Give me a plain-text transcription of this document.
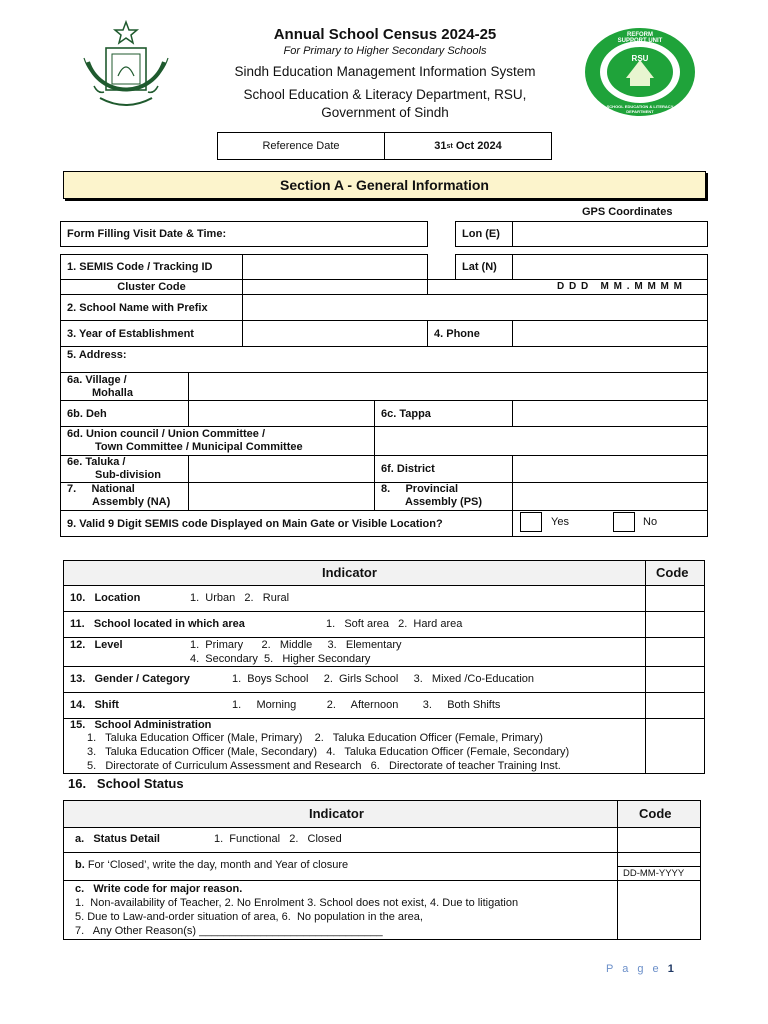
REFORM SUPPORT UNIT
RSU
SCHOOL EDUCATION & LITERACY DEPARTMENT
Annual School Census 2024-25
For Primary to Higher Secondary Schools
Sindh Education Management Information System
School Education & Literacy Department, RSU,
Government of Sindh
Reference Date	31 st Oct 2024
Section A - General Information
GPS Coordinates
Form Filling Visit Date & Time:	Lon (E)
1. SEMIS Code / Tracking ID	Lat (N)
Cluster Code	D D D   M M . M M M M
2. School Name with Prefix
3. Year of Establishment	4. Phone
5. Address:
6a. Village /
Mohalla
6b. Deh	6c. Tappa
6d. Union council / Union Committee /
Town Committee / Municipal Committee
6e. Taluka /
Sub-division	6f. District
7.     National
Assembly (NA)
8.     Provincial
Assembly (PS)
9. Valid 9 Digit SEMIS code Displayed on Main Gate or Visible Location?	Yes	No
Indicator	Code
10.   Location	1.  Urban   2.   Rural
11.   School located in which area	1.   Soft area   2.  Hard area
12.   Level	1.  Primary      2.   Middle     3.   Elementary
4.  Secondary  5.   Higher Secondary
13.   Gender / Category	1.  Boys School     2.  Girls School     3.   Mixed /Co-Education
14.   Shift	1.     Morning          2.     Afternoon        3.     Both Shifts
15.   School Administration
1.   Taluka Education Officer (Male, Primary)    2.   Taluka Education Officer (Female, Primary)
3.   Taluka Education Officer (Male, Secondary)   4.   Taluka Education Officer (Female, Secondary)
5.   Directorate of Curriculum Assessment and Research   6.   Directorate of teacher Training Inst.
16.   School Status
Indicator	Code
a.   Status Detail	1.  Functional   2.   Closed
b. For ‘Closed’, write the day, month and Year of closure
DD-MM-YYYY
c.   Write code for major reason.
1.  Non-availability of Teacher, 2. No Enrolment 3. School does not exist, 4. Due to litigation
5. Due to Law-and-order situation of area, 6.  No population in the area,
7.   Any Other Reason(s) ______________________________
P a g e 1
